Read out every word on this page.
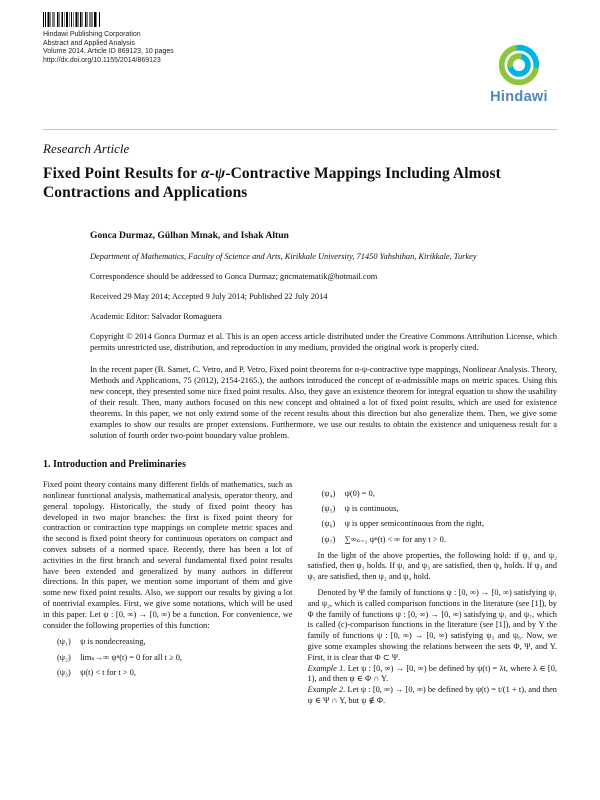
Hindawi Publishing Corporation
Abstract and Applied Analysis
Volume 2014, Article ID 869123, 10 pages
http://dx.doi.org/10.1155/2014/869123
Hindawi
Research Article
Fixed Point Results for α-ψ-Contractive Mappings Including Almost Contractions and Applications
Gonca Durmaz, Gülhan Mınak, and Ishak Altun
Department of Mathematics, Faculty of Science and Arts, Kirikkale University, 71450 Yahshihan, Kirikkale, Turkey
Correspondence should be addressed to Gonca Durmaz; gncmatematik@hotmail.com
Received 29 May 2014; Accepted 9 July 2014; Published 22 July 2014
Academic Editor: Salvador Romaguera
Copyright © 2014 Gonca Durmaz et al. This is an open access article distributed under the Creative Commons Attribution License, which permits unrestricted use, distribution, and reproduction in any medium, provided the original work is properly cited.
In the recent paper (B. Samet, C. Vetro, and P. Vetro, Fixed point theorems for α-ψ-contractive type mappings, Nonlinear Analysis. Theory, Methods and Applications, 75 (2012), 2154-2165.), the authors introduced the concept of α-admissible maps on metric spaces. Using this new concept, they presented some nice fixed point results. Also, they gave an existence theorem for integral equation to show the usability of their result. Then, many authors focused on this new concept and obtained a lot of fixed point results, which are used for existence theorems. In this paper, we not only extend some of the recent results about this direction but also generalize them. Then, we give some examples to show our results are proper extensions. Furthermore, we use our results to obtain the existence and uniqueness result for a solution of fourth order two-point boundary value problem.
1. Introduction and Preliminaries

Fixed point theory contains many different fields of mathematics, such as nonlinear functional analysis, mathematical analysis, operator theory, and general topology. Historically, the study of fixed point theory has developed in two major branches: the first is fixed point theory for contraction or contraction type mappings on complete metric spaces and the second is fixed point theory for continuous operators on compact and convex subsets of a normed space. Recently, there has been a lot of activities in the first branch and several fundamental fixed point results have been extended and generalized by many authors in different directions. In this paper, we mention some important of them and give some new fixed point results. Also, we support our results by giving a lot of nontrivial examples. First, we give some notations, which will be used in this paper. Let ψ : [0, ∞) → [0, ∞) be a function. For convenience, we consider the following properties of this function:

(ψ₁) ψ is nondecreasing,
(ψ₂) limₙ→∞ ψⁿ(t) = 0 for all t ≥ 0,
(ψ₃) ψ(t) < t for t > 0,
(ψ₄) ψ(0) = 0,
(ψ₅) ψ is continuous,
(ψ₆) ψ is upper semicontinuous from the right,
(ψ₇) ∑∞ₙ₌₁ ψⁿ(t) < ∞ for any t > 0.

In the light of the above properties, the following hold: if ψ₁ and ψ₂ satisfied, then ψ₃ holds. If ψ₁ and ψ₃ are satisfied, then ψ₄ holds. If ψ₃ and ψ₅ are satisfied, then ψ₂ and ψ₄ hold.

Denoted by Ψ the family of functions ψ : [0, ∞) → [0, ∞) satisfying ψ₁ and ψ₂, which is called comparison functions in the literature (see [1]), by Φ the family of functions ψ : [0, ∞) → [0, ∞) satisfying ψ₁ and ψ₇, which is called (c)-comparison functions in the literature (see [1]), and by Υ the family of functions ψ : [0, ∞) → [0, ∞) satisfying ψ₃ and ψ₆. Now, we give some examples showing the relations between the sets Φ, Ψ, and Υ. First, it is clear that Φ ⊂ Ψ.

Example 1. Let ψ : [0, ∞) → [0, ∞) be defined by ψ(t) = λt, where λ ∈ [0, 1), and then ψ ∈ Φ ∩ Υ.

Example 2. Let ψ : [0, ∞) → [0, ∞) be defined by ψ(t) = t/(1 + t), and then ψ ∈ Ψ ∩ Υ, but ψ ∉ Φ.
